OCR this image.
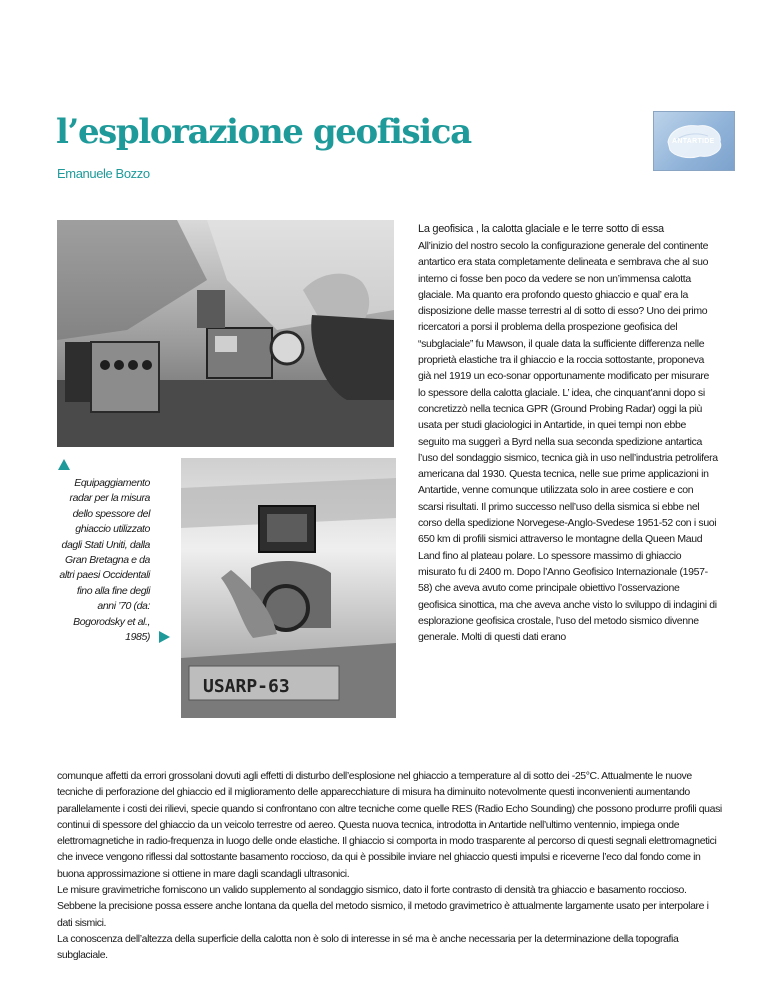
l’esplorazione geofisica
Emanuele Bozzo
ANTARTIDE
Equipaggiamento radar per la misura dello spessore del ghiaccio utilizzato dagli Stati Uniti, dalla Gran Bretagna e da altri paesi Occidentali fino alla fine degli anni ’70 (da: Bogorodsky et al., 1985)
USARP-63
La geofisica , la calotta glaciale e le terre sotto di essa

All’inizio del nostro secolo la configurazione generale del continente antartico era stata completamente delineata e sembrava che al suo interno ci fosse ben poco da vedere se non un’immensa calotta glaciale. Ma quanto era profondo questo ghiaccio e qual’ era la disposizione delle masse terrestri al di sotto di esso? Uno dei primo ricercatori a porsi il problema della prospezione geofisica del “subglaciale” fu Mawson, il quale data la sufficiente differenza nelle proprietà elastiche tra il ghiaccio e la roccia sottostante, proponeva già nel 1919 un eco-sonar opportunamente modificato per misurare lo spessore della calotta glaciale. L’ idea, che cinquant’anni dopo si concretizzò nella tecnica GPR (Ground Probing Radar) oggi la più usata per studi glaciologici in Antartide, in quei tempi non ebbe seguito ma suggerì a Byrd nella sua seconda spedizione antartica l’uso del sondaggio sismico, tecnica già in uso nell’industria petrolifera americana dal 1930. Questa tecnica, nelle sue prime applicazioni in Antartide, venne comunque utilizzata solo in aree costiere e con scarsi risultati. Il primo successo nell’uso della sismica si ebbe nel corso della spedizione Norvegese-Anglo-Svedese 1951-52 con i suoi 650 km di profili sismici attraverso le montagne della Queen Maud Land fino al plateau polare. Lo spessore massimo di ghiaccio misurato fu di 2400 m. Dopo l’Anno Geofisico Internazionale (1957-58) che aveva avuto come principale obiettivo l’osservazione geofisica sinottica, ma che aveva anche visto lo sviluppo di indagini di esplorazione geofisica crostale, l’uso del metodo sismico divenne generale. Molti di questi dati erano

comunque affetti da errori grossolani dovuti agli effetti di disturbo dell’esplosione nel ghiaccio a temperature al di sotto dei -25°C. Attualmente le nuove tecniche di perforazione del ghiaccio ed il miglioramento delle apparecchiature di misura ha diminuito notevolmente questi inconvenienti aumentando parallelamente i costi dei rilievi, specie quando si confrontano con altre tecniche come quelle RES (Radio Echo Sounding) che possono produrre profili quasi continui di spessore del ghiaccio da un veicolo terrestre od aereo. Questa nuova tecnica, introdotta in Antartide nell’ultimo ventennio, impiega onde elettromagnetiche in radio-frequenza in luogo delle onde elastiche. Il ghiaccio si comporta in modo trasparente al percorso di questi segnali elettromagnetici che invece vengono riflessi dal sottostante basamento roccioso, da qui è possibile inviare nel ghiaccio questi impulsi e riceverne l’eco dal fondo come in buona approssimazione si ottiene in mare dagli scandagli ultrasonici.

Le misure gravimetriche forniscono un valido supplemento al sondaggio sismico, dato il forte contrasto di densità tra ghiaccio e basamento roccioso. Sebbene la precisione possa essere anche lontana da quella del metodo sismico, il metodo gravimetrico è attualmente largamente usato per interpolare i dati sismici.

La conoscenza dell’altezza della superficie della calotta non è solo di interesse in sé ma è anche necessaria per la determinazione della topografia subglaciale.
